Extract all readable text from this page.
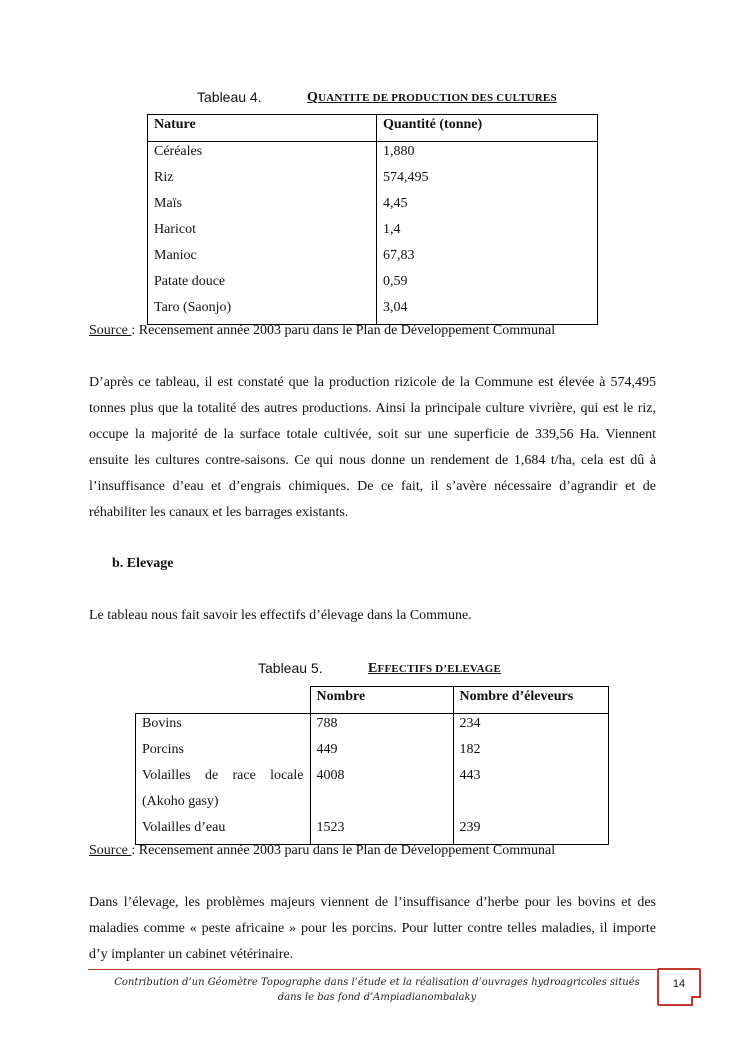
Tableau 4.	QUANTITE DE PRODUCTION DES CULTURES
Nature	Quantité (tonne)
Céréales	1,880
Riz	574,495
Maïs	4,45
Haricot	1,4
Manioc	67,83
Patate douce	0,59
Taro (Saonjo)	3,04
Source : Recensement année 2003 paru dans le Plan de Développement Communal
D’après ce tableau, il est constaté que la production rizicole de la Commune est élevée à 574,495 tonnes plus que la totalité des autres productions. Ainsi la principale culture vivrière, qui est le riz, occupe la majorité de la surface totale cultivée, soit sur une superficie de 339,56 Ha. Viennent ensuite les cultures contre-saisons. Ce qui nous donne un rendement de 1,684 t/ha, cela est dû à l’insuffisance d’eau et d’engrais chimiques. De ce fait, il s’avère nécessaire d’agrandir et de réhabiliter les canaux et les barrages existants.
b. Elevage
Le tableau nous fait savoir les effectifs d’élevage dans la Commune.
Tableau 5.	EFFECTIFS D’ELEVAGE
	Nombre	Nombre d’éleveurs
Bovins	788	234
Porcins	449	182
Volailles de race locale	4008	443
(Akoho gasy)		
Volailles d’eau	1523	239
Source : Recensement année 2003 paru dans le Plan de Développement Communal
Dans l’élevage, les problèmes majeurs viennent de l’insuffisance d’herbe pour les bovins et des maladies comme « peste africaine » pour les porcins. Pour lutter contre telles maladies, il importe d’y implanter un cabinet vétérinaire.
Contribution d’un Géomètre Topographe dans l’étude et la réalisation d’ouvrages hydroagricoles situés dans le bas fond d’Ampiadianombalaky
14
